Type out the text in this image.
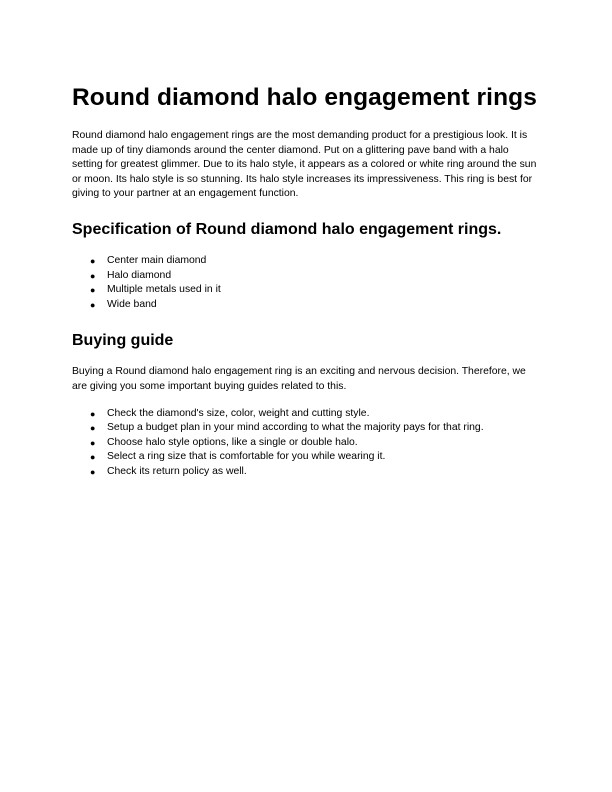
Round diamond halo engagement rings

Round diamond halo engagement rings are the most demanding product for a prestigious look. It is made up of tiny diamonds around the center diamond. Put on a glittering pave band with a halo setting for greatest glimmer. Due to its halo style, it appears as a colored or white ring around the sun or moon. Its halo style is so stunning. Its halo style increases its impressiveness. This ring is best for giving to your partner at an engagement function.

Specification of Round diamond halo engagement rings.
● Center main diamond
● Halo diamond
● Multiple metals used in it
● Wide band
Buying guide

Buying a Round diamond halo engagement ring is an exciting and nervous decision. Therefore, we are giving you some important buying guides related to this.

● Check the diamond's size, color, weight and cutting style.
● Setup a budget plan in your mind according to what the majority pays for that ring.
● Choose halo style options, like a single or double halo.
● Select a ring size that is comfortable for you while wearing it.
● Check its return policy as well.
